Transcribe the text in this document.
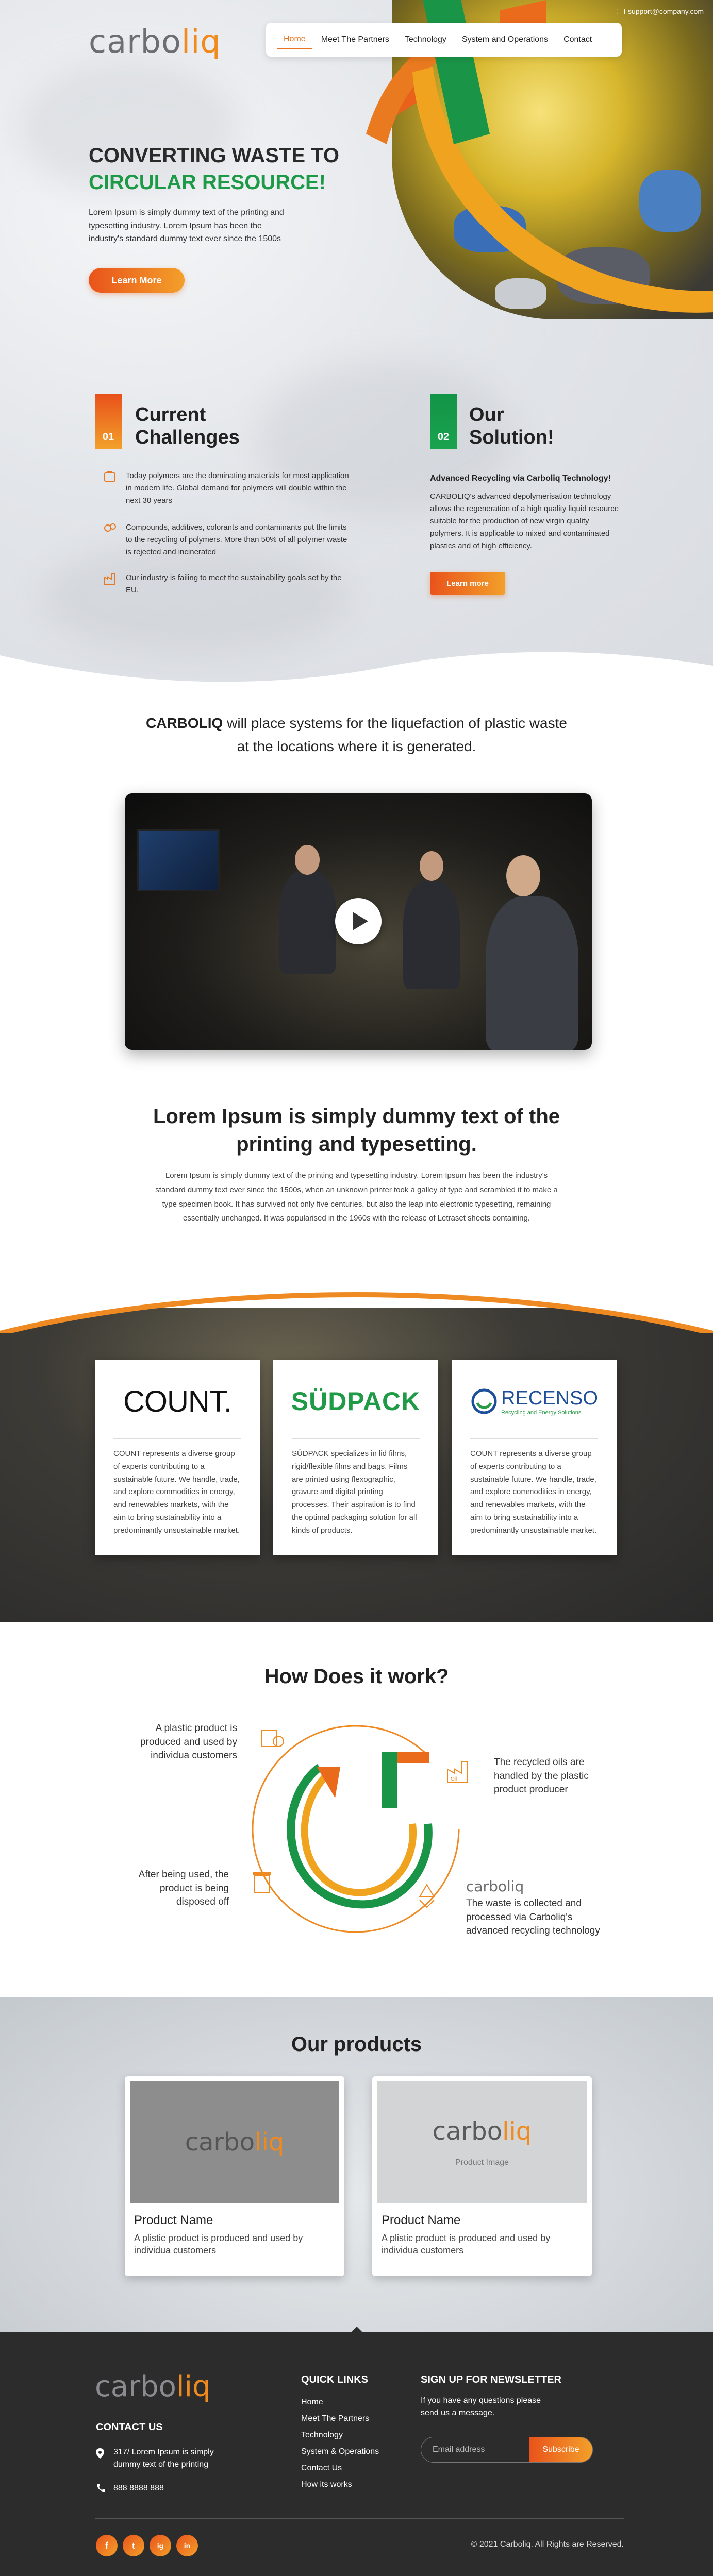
support@company.com
carboliq	Home	Meet The Partners	Technology	System and Operations	Contact
CONVERTING WASTE TO
CIRCULAR RESOURCE!

Lorem Ipsum is simply dummy text of the printing and typesetting industry. Lorem Ipsum has been the industry's standard dummy text ever since the 1500s

Learn More
01
Current
Challenges

Today polymers are the dominating materials for most application in modern life. Global demand for polymers will double within the next 30 years

Compounds, additives, colorants and contaminants put the limits to the recycling of polymers. More than 50% of all polymer waste is rejected and incinerated

Our industry is failing to meet the sustainability goals set by the EU.

02
Our
Solution!

Advanced Recycling via Carboliq Technology!

CARBOLIQ's advanced depolymerisation technology allows the regeneration of a high quality liquid resource suitable for the production of new virgin quality polymers. It is applicable to mixed and contaminated plastics and of high efficiency.

Learn more

CARBOLIQ will place systems for the liquefaction of plastic waste
at the locations where it is generated.

Lorem Ipsum is simply dummy text of the
printing and typesetting.

Lorem Ipsum is simply dummy text of the printing and typesetting industry. Lorem Ipsum has been the industry's standard dummy text ever since the 1500s, when an unknown printer took a galley of type and scrambled it to make a type specimen book. It has survived not only five centuries, but also the leap into electronic typesetting, remaining essentially unchanged. It was popularised in the 1960s with the release of Letraset sheets containing.

COUNT.

COUNT represents a diverse group of experts contributing to a sustainable future. We handle, trade, and explore commodities in energy, and renewables markets, with the aim to bring sustainability into a predominantly unsustainable market.

SÜDPACK

SÜDPACK specializes in lid films, rigid/flexible films and bags. Films are printed using flexographic, gravure and digital printing processes. Their aspiration is to find the optimal packaging solution for all kinds of products.

RECENSO
Recycling and Energy Solutions

COUNT represents a diverse group of experts contributing to a sustainable future. We handle, trade, and explore commodities in energy, and renewables markets, with the aim to bring sustainability into a predominantly unsustainable market.

How Does it work?

A plastic product is produced and used by individua customers

The recycled oils are handled by the plastic product producer

Oil

After being used, the product is being disposed off

carboliq

The waste is collected and processed via Carboliq's advanced recycling technology

Our products
carboliq

Product Name

A plistic product is produced and used by individua customers

carboliq
Product Image

Product Name

A plistic product is produced and used by individua customers

carboliq
CONTACT US

317/ Lorem Ipsum is simply dummy text of the printing

888 8888 888

QUICK LINKS
Home
Meet The Partners
Technology
System & Operations
Contact Us
How its works
SIGN UP FOR NEWSLETTER

If you have any questions please send us a message.

Email address
Subscribe
f	t	ig	in	© 2021 Carboliq. All Rights are Reserved.
